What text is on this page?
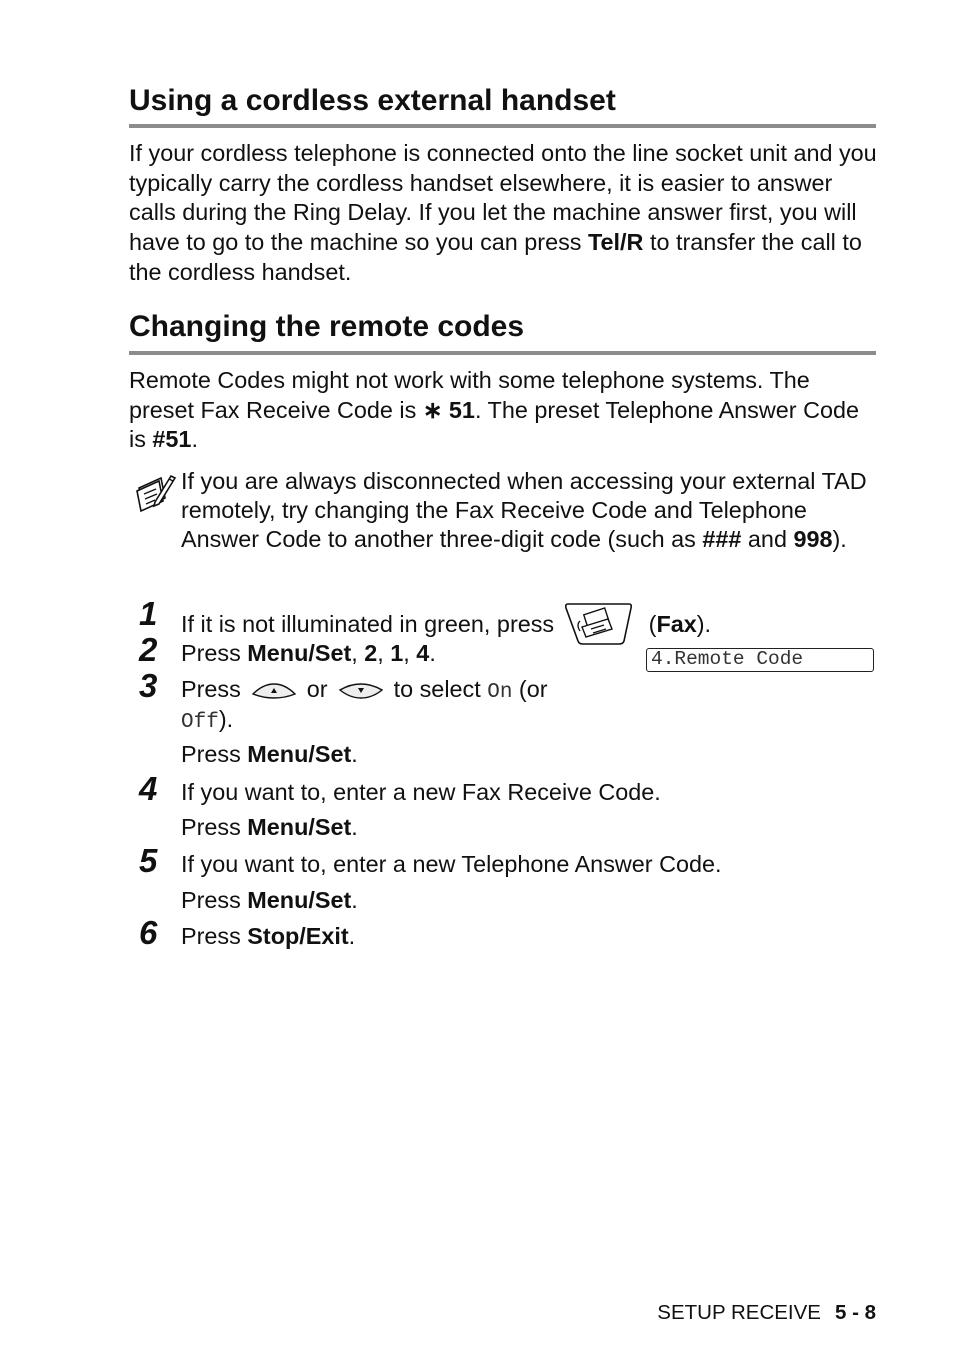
Using a cordless external handset

If your cordless telephone is connected onto the line socket unit and you typically carry the cordless handset elsewhere, it is easier to answer calls during the Ring Delay. If you let the machine answer first, you will have to go to the machine so you can press Tel/R to transfer the call to the cordless handset.

Changing the remote codes

Remote Codes might not work with some telephone systems. The preset Fax Receive Code is ∗ 51. The preset Telephone Answer Code is #51.

If you are always disconnected when accessing your external TAD remotely, try changing the Fax Receive Code and Telephone Answer Code to another three-digit code (such as ### and 998).

1	If it is not illuminated in green, press	(Fax).

4.Remote Code
2	Press Menu/Set, 2, 1, 4.

3	Press	or	to select On (or

Off).

Press Menu/Set.

4	If you want to, enter a new Fax Receive Code.

Press Menu/Set.

5	If you want to, enter a new Telephone Answer Code.

Press Menu/Set.

6	Press Stop/Exit.

SETUP RECEIVE 5 - 8
